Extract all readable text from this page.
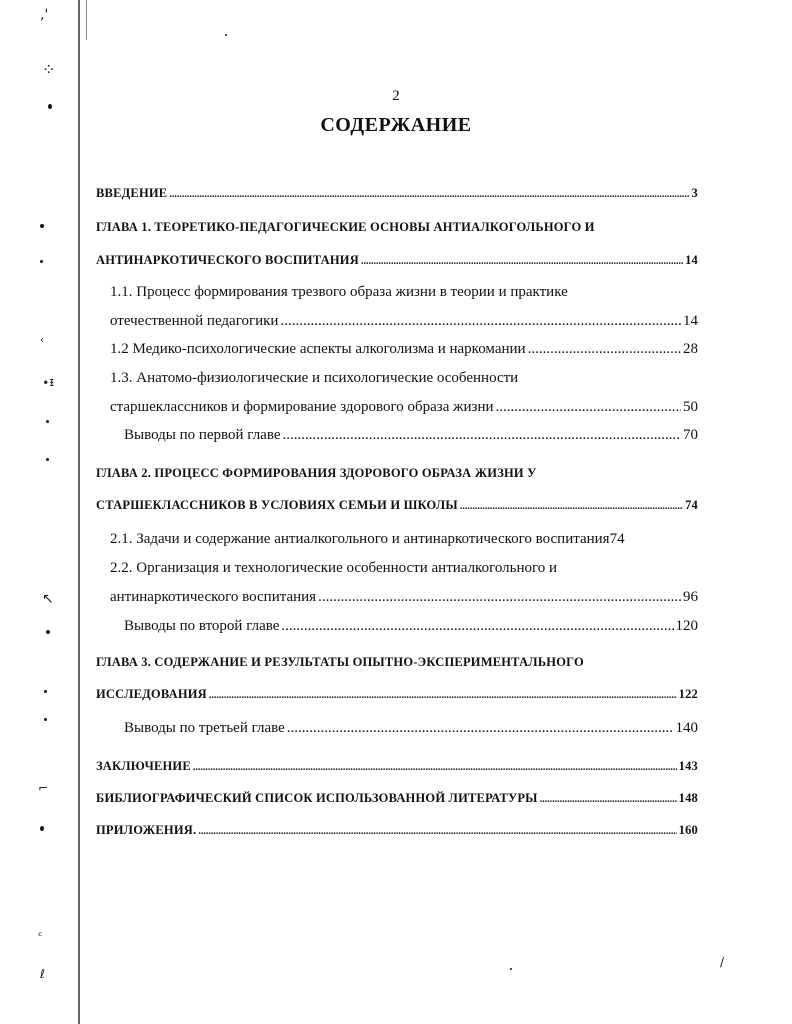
,'
⁘
‹
∙ᵻ
↖
⌐
ᶜ
ℓ
/
2
СОДЕРЖАНИЕ
ВВЕДЕНИЕ .....	3
ГЛАВА 1. ТЕОРЕТИКО-ПЕДАГОГИЧЕСКИЕ ОСНОВЫ АНТИАЛКОГОЛЬНОГО И
АНТИНАРКОТИЧЕСКОГО ВОСПИТАНИЯ .....	14
1.1. Процесс формирования трезвого образа жизни в теории и практике
отечественной педагогики .....	14
1.2 Медико-психологические аспекты алкоголизма и наркомании .....	28
1.3. Анатомо-физиологические и психологические особенности
старшеклассников и формирование здорового образа жизни .....	50
Выводы по первой главе .....	70
ГЛАВА 2. ПРОЦЕСС ФОРМИРОВАНИЯ ЗДОРОВОГО ОБРАЗА ЖИЗНИ У
СТАРШЕКЛАССНИКОВ В УСЛОВИЯХ СЕМЬИ И ШКОЛЫ .....	74
2.1. Задачи и содержание антиалкогольного и антинаркотического воспитания 74
2.2. Организация и технологические особенности антиалкогольного и
антинаркотического воспитания .....	96
Выводы по второй главе .....	120
ГЛАВА 3. СОДЕРЖАНИЕ И РЕЗУЛЬТАТЫ ОПЫТНО-ЭКСПЕРИМЕНТАЛЬНОГО
ИССЛЕДОВАНИЯ .....	122
Выводы по третьей главе .....	140
ЗАКЛЮЧЕНИЕ .....	143
БИБЛИОГРАФИЧЕСКИЙ СПИСОК ИСПОЛЬЗОВАННОЙ ЛИТЕРАТУРЫ .....	148
ПРИЛОЖЕНИЯ. .....	160
